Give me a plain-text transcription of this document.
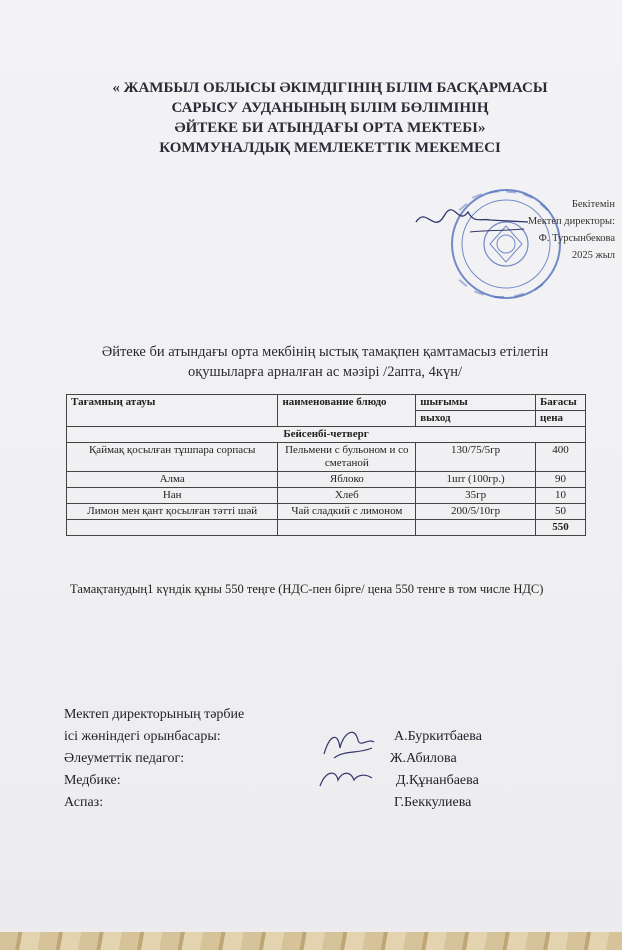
« ЖАМБЫЛ ОБЛЫСЫ ӘКІМДІГІНІҢ БІЛІМ БАСҚАРМАСЫ
САРЫСУ АУДАНЫНЫҢ БІЛІМ БӨЛІМІНІҢ
ӘЙТЕКЕ БИ АТЫНДАҒЫ ОРТА МЕКТЕБІ»
КОММУНАЛДЫҚ МЕМЛЕКЕТТІК МЕКЕМЕСІ
Бекітемін
Мектеп директоры:
Ф. Турсынбекова
2025 жыл
Әйтеке би атындағы орта мекбінің ыстық тамақпен қамтамасыз етілетін
оқушыларға арналған ас мәзірі /2апта, 4күн/
Тағамның атауы	наименование блюдо	шығымы	Бағасы
		выход	цена
Бейсенбі-четверг			
Қаймақ қосылған тұшпара сорпасы	Пельмени с бульоном и со сметаной	130/75/5гр	400
Алма	Яблоко	1шт (100гр.)	90
Нан	Хлеб	35гр	10
Лимон мен қант қосылған тәтті шәй	Чай сладкий с лимоном	200/5/10гр	50
			550
Тамақтанудың1 күндік құны 550 теңге (НДС-пен бірге/ цена 550 тенге в том числе НДС)
Мектеп директорының тәрбие
ісі жөніндегі орынбасары:	А.Буркитбаева
Әлеуметтік педагог:	Ж.Абилова
Медбике:	Д.Құнанбаева
Аспаз:	Г.Беккулиева
